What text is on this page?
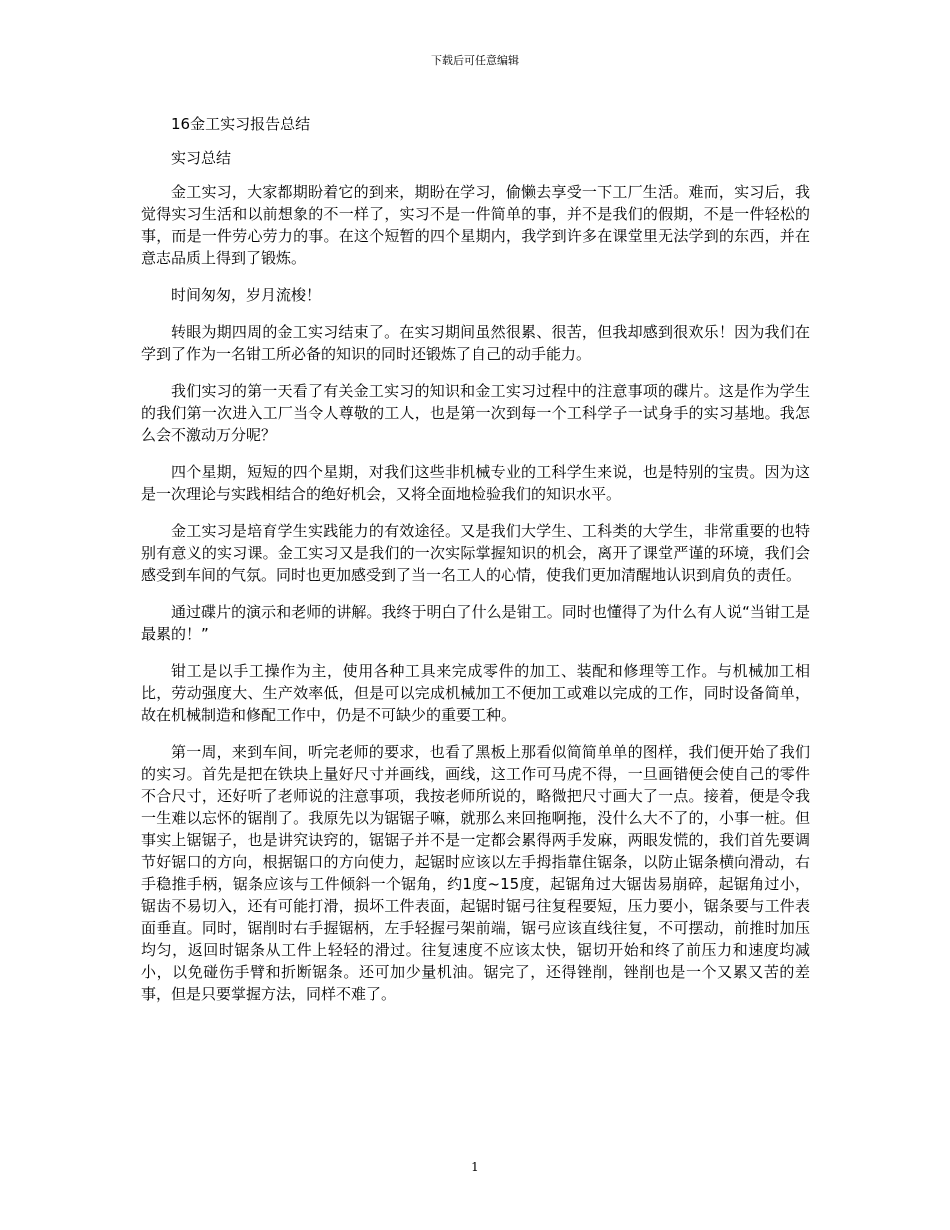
下载后可任意编辑

16金工实习报告总结

实习总结

金工实习，大家都期盼着它的到来，期盼在学习，偷懒去享受一下工厂生活。难而，实习后，我觉得实习生活和以前想象的不一样了，实习不是一件简单的事，并不是我们的假期，不是一件轻松的事，而是一件劳心劳力的事。在这个短暂的四个星期内，我学到许多在课堂里无法学到的东西，并在意志品质上得到了锻炼。

时间匆匆，岁月流梭！

转眼为期四周的金工实习结束了。在实习期间虽然很累、很苦，但我却感到很欢乐！因为我们在学到了作为一名钳工所必备的知识的同时还锻炼了自己的动手能力。

我们实习的第一天看了有关金工实习的知识和金工实习过程中的注意事项的碟片。这是作为学生的我们第一次进入工厂当令人尊敬的工人，也是第一次到每一个工科学子一试身手的实习基地。我怎么会不激动万分呢？

四个星期，短短的四个星期，对我们这些非机械专业的工科学生来说，也是特别的宝贵。因为这是一次理论与实践相结合的绝好机会，又将全面地检验我们的知识水平。

金工实习是培育学生实践能力的有效途径。又是我们大学生、工科类的大学生，非常重要的也特别有意义的实习课。金工实习又是我们的一次实际掌握知识的机会，离开了课堂严谨的环境，我们会感受到车间的气氛。同时也更加感受到了当一名工人的心情，使我们更加清醒地认识到肩负的责任。

通过碟片的演示和老师的讲解。我终于明白了什么是钳工。同时也懂得了为什么有人说“当钳工是最累的！”

钳工是以手工操作为主，使用各种工具来完成零件的加工、装配和修理等工作。与机械加工相比，劳动强度大、生产效率低，但是可以完成机械加工不便加工或难以完成的工作，同时设备简单，故在机械制造和修配工作中，仍是不可缺少的重要工种。

第一周，来到车间，听完老师的要求，也看了黑板上那看似简简单单的图样，我们便开始了我们的实习。首先是把在铁块上量好尺寸并画线，画线，这工作可马虎不得，一旦画错便会使自己的零件不合尺寸，还好听了老师说的注意事项，我按老师所说的，略微把尺寸画大了一点。接着，便是令我一生难以忘怀的锯削了。我原先以为锯锯子嘛，就那么来回拖啊拖，没什么大不了的，小事一桩。但事实上锯锯子，也是讲究诀窍的，锯锯子并不是一定都会累得两手发麻，两眼发慌的，我们首先要调节好锯口的方向，根据锯口的方向使力，起锯时应该以左手拇指靠住锯条，以防止锯条横向滑动，右手稳推手柄，锯条应该与工件倾斜一个锯角，约1度~15度，起锯角过大锯齿易崩碎，起锯角过小，锯齿不易切入，还有可能打滑，损坏工件表面，起锯时锯弓往复程要短，压力要小，锯条要与工件表面垂直。同时，锯削时右手握锯柄，左手轻握弓架前端，锯弓应该直线往复，不可摆动，前推时加压均匀，返回时锯条从工件上轻轻的滑过。往复速度不应该太快，锯切开始和终了前压力和速度均减小，以免碰伤手臂和折断锯条。还可加少量机油。锯完了，还得锉削，锉削也是一个又累又苦的差事，但是只要掌握方法，同样不难了。

1
